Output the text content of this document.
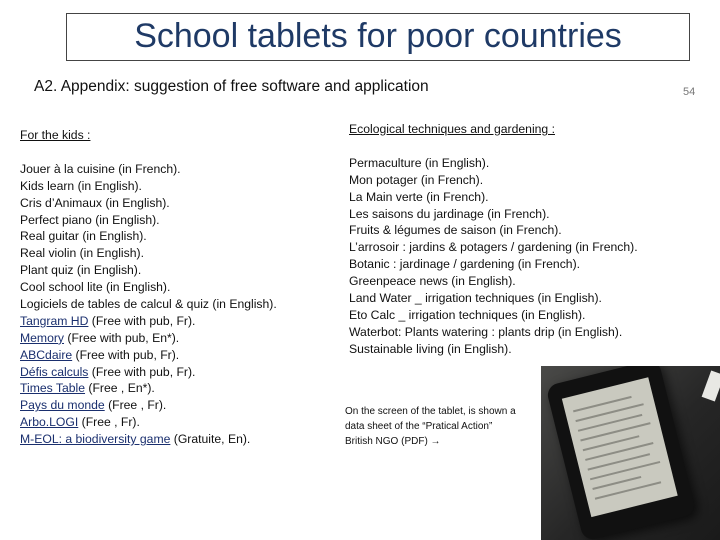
School tablets for poor countries
A2. Appendix: suggestion of free software and application	54
For the kids :
Jouer à la cuisine (in French).
Kids learn (in English).
Cris d’Animaux (in English).
Perfect piano (in English).
Real guitar (in English).
Real violin (in English).
Plant quiz (in English).
Cool school lite (in English).
Logiciels de tables de calcul & quiz (in English).
Tangram HD (Free with pub, Fr).
Memory (Free with pub, En*).
ABCdaire (Free with pub, Fr).
Défis calculs (Free with pub, Fr).
Times Table (Free , En*).
Pays du monde (Free , Fr).
Arbo.LOGI (Free , Fr).
M-EOL: a biodiversity game (Gratuite, En).
Ecological techniques and gardening :
Permaculture (in English).
Mon potager (in French).
La Main verte (in French).
Les saisons du jardinage (in French).
Fruits & légumes de saison (in French).
L’arrosoir : jardins & potagers / gardening (in French).
Botanic : jardinage / gardening (in French).
Greenpeace news (in English).
Land Water _ irrigation techniques (in English).
Eto Calc _ irrigation techniques (in English).
Waterbot: Plants watering : plants drip (in English).
Sustainable living (in English).
On the screen of the tablet, is shown a
data sheet of the “Pratical Action”
British NGO (PDF) →
